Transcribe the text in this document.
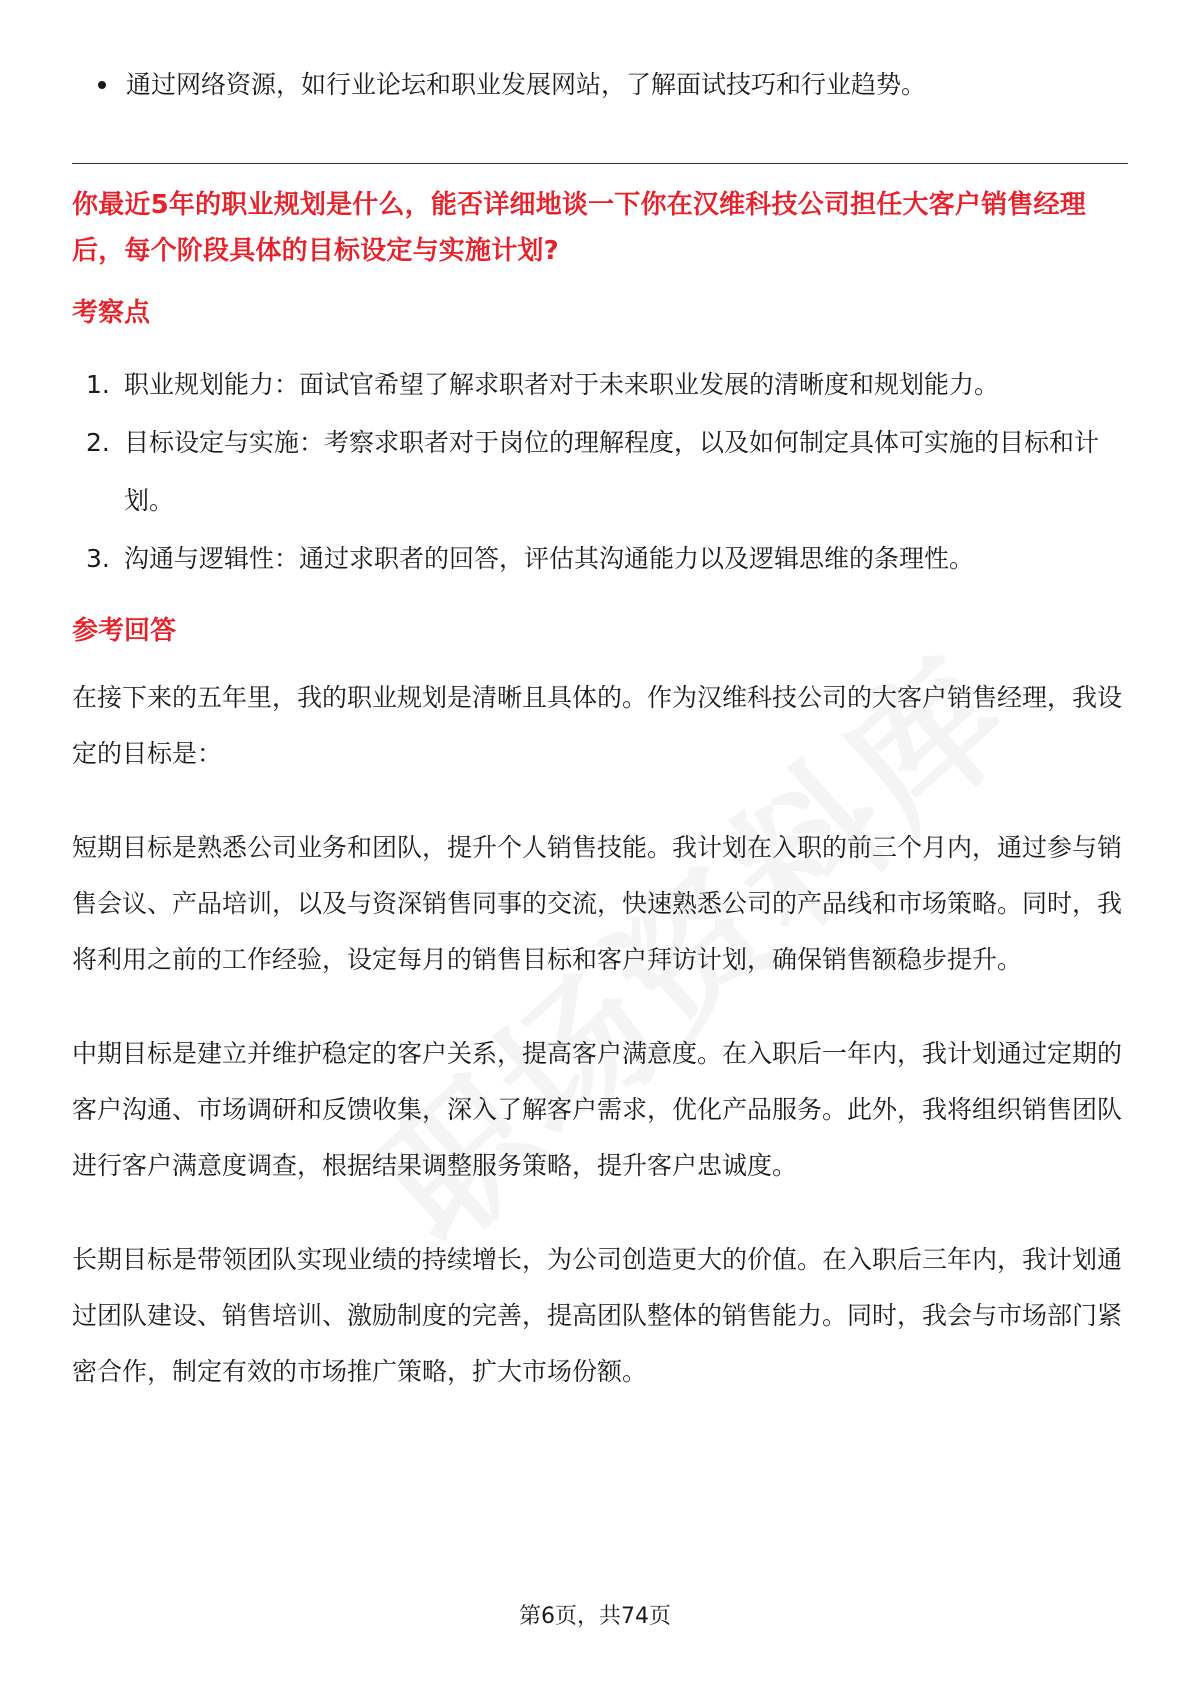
通过网络资源，如行业论坛和职业发展网站，了解面试技巧和行业趋势。
你最近5年的职业规划是什么，能否详细地谈一下你在汉维科技公司担任大客户销售经理后，每个阶段具体的目标设定与实施计划?
考察点
1. 职业规划能力：面试官希望了解求职者对于未来职业发展的清晰度和规划能力。
2. 目标设定与实施：考察求职者对于岗位的理解程度，以及如何制定具体可实施的目标和计划。
3. 沟通与逻辑性：通过求职者的回答，评估其沟通能力以及逻辑思维的条理性。
参考回答

在接下来的五年里，我的职业规划是清晰且具体的。作为汉维科技公司的大客户销售经理，我设定的目标是：

短期目标是熟悉公司业务和团队，提升个人销售技能。我计划在入职的前三个月内，通过参与销售会议、产品培训，以及与资深销售同事的交流，快速熟悉公司的产品线和市场策略。同时，我将利用之前的工作经验，设定每月的销售目标和客户拜访计划，确保销售额稳步提升。

中期目标是建立并维护稳定的客户关系，提高客户满意度。在入职后一年内，我计划通过定期的客户沟通、市场调研和反馈收集，深入了解客户需求，优化产品服务。此外，我将组织销售团队进行客户满意度调查，根据结果调整服务策略，提升客户忠诚度。

长期目标是带领团队实现业绩的持续增长，为公司创造更大的价值。在入职后三年内，我计划通过团队建设、销售培训、激励制度的完善，提高团队整体的销售能力。同时，我会与市场部门紧密合作，制定有效的市场推广策略，扩大市场份额。

第6页，共74页
